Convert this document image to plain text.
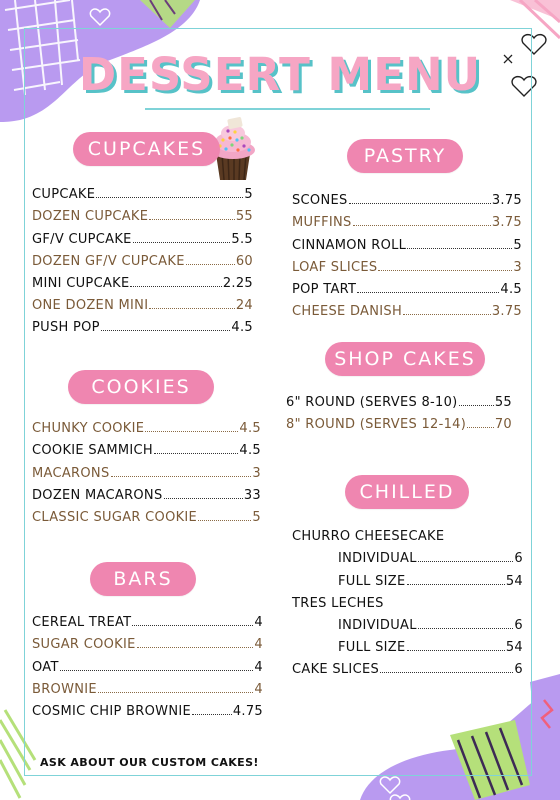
DESSERT MENU
CUPCAKES	PASTRY
COOKIES
SHOP CAKES
BARS
CHILLED
CUPCAKE	5
DOZEN CUPCAKE	55
GF/V CUPCAKE	5.5
DOZEN GF/V CUPCAKE	60
MINI CUPCAKE	2.25
ONE DOZEN MINI	24
PUSH POP	4.5
SCONES	3.75
MUFFINS	3.75
CINNAMON ROLL	5
LOAF SLICES	3
POP TART	4.5
CHEESE DANISH	3.75
CHUNKY COOKIE	4.5
COOKIE SAMMICH	4.5
MACARONS	3
DOZEN MACARONS	33
CLASSIC SUGAR COOKIE	5
6" ROUND (SERVES 8-10)	55
8" ROUND (SERVES 12-14) 70
CEREAL TREAT	4
SUGAR COOKIE	4
OAT	4
BROWNIE	4
COSMIC CHIP BROWNIE	4.75
CHURRO CHEESECAKE
INDIVIDUAL	6
FULL SIZE	54
TRES LECHES
INDIVIDUAL	6
FULL SIZE	54
CAKE SLICES	6
ASK ABOUT OUR CUSTOM CAKES!
